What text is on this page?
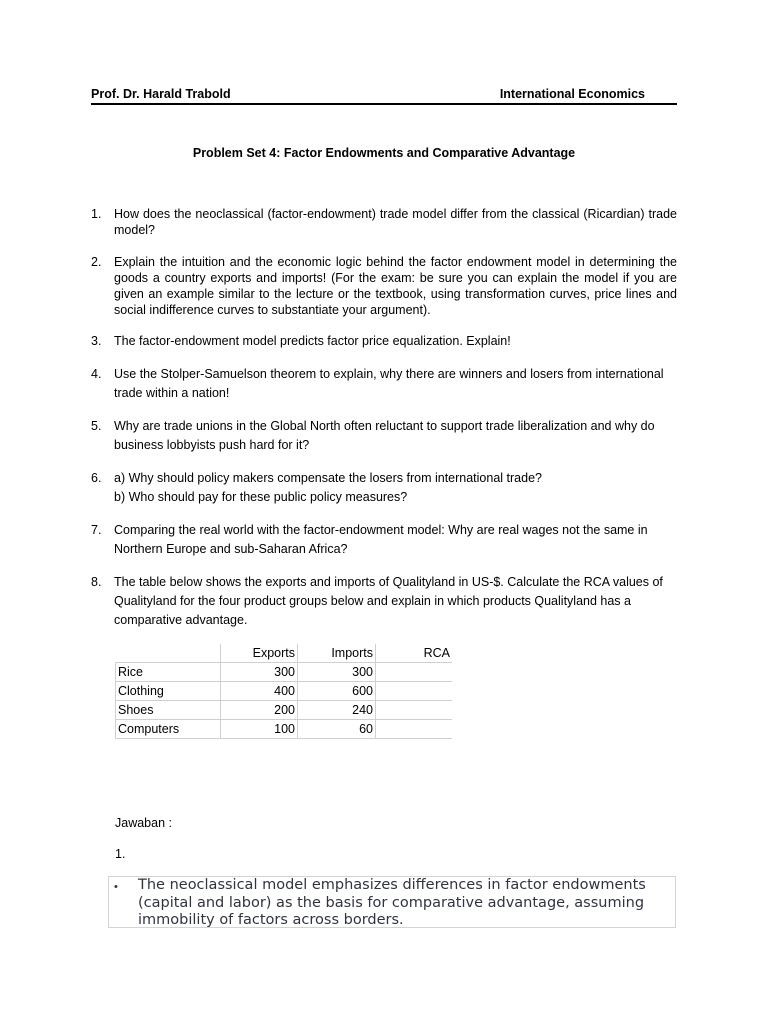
Prof. Dr. Harald Trabold	International Economics
Problem Set 4: Factor Endowments and Comparative Advantage
1. How does the neoclassical (factor-endowment) trade model differ from the classical (Ricardian) trade model?
2. Explain the intuition and the economic logic behind the factor endowment model in determining the goods a country exports and imports! (For the exam: be sure you can explain the model if you are given an example similar to the lecture or the textbook, using transformation curves, price lines and social indifference curves to substantiate your argument).
3. The factor-endowment model predicts factor price equalization. Explain!
4. Use the Stolper-Samuelson theorem to explain, why there are winners and losers from international trade within a nation!
5. Why are trade unions in the Global North often reluctant to support trade liberalization and why do business lobbyists push hard for it?
6. a) Why should policy makers compensate the losers from international trade?
b) Who should pay for these public policy measures?
7. Comparing the real world with the factor-endowment model: Why are real wages not the same in Northern Europe and sub-Saharan Africa?
8. The table below shows the exports and imports of Qualityland in US-$. Calculate the RCA values of Qualityland for the four product groups below and explain in which products Qualityland has a comparative advantage.
	Exports	Imports	RCA
Rice	300	300	
Clothing	400	600	
Shoes	200	240	
Computers	100	60	
Jawaban :
1.
• The neoclassical model emphasizes differences in factor endowments (capital and labor) as the basis for comparative advantage, assuming immobility of factors across borders.
